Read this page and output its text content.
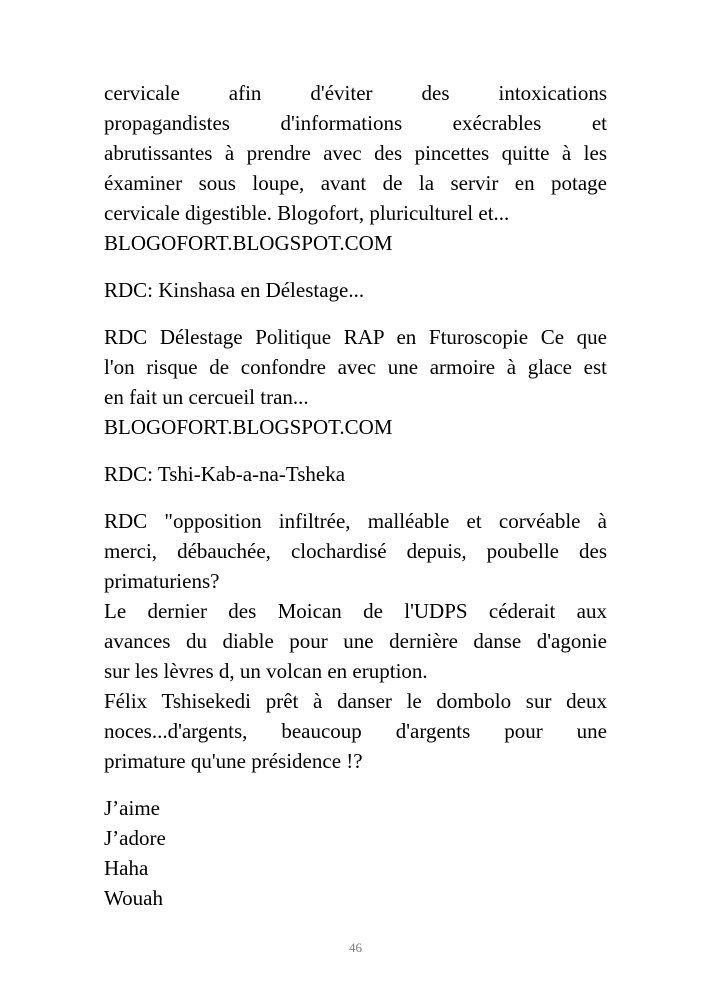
cervicale afin d'éviter des intoxications
propagandistes d'informations exécrables et
abrutissantes à prendre avec des pincettes quitte à les
éxaminer sous loupe, avant de la servir en potage
cervicale digestible. Blogofort, pluriculturel et...
BLOGOFORT.BLOGSPOT.COM

RDC: Kinshasa en Délestage...

RDC Délestage Politique RAP en Fturoscopie Ce que
l'on risque de confondre avec une armoire à glace est
en fait un cercueil tran...
BLOGOFORT.BLOGSPOT.COM

RDC: Tshi-Kab-a-na-Tsheka

RDC "opposition infiltrée, malléable et corvéable à
merci, débauchée, clochardisé depuis, poubelle des
primaturiens?
Le dernier des Moican de l'UDPS céderait aux
avances du diable pour une dernière danse d'agonie
sur les lèvres d, un volcan en eruption.
Félix Tshisekedi prêt à danser le dombolo sur deux
noces...d'argents, beaucoup d'argents pour une
primature qu'une présidence !?

J’aime
J’adore
Haha
Wouah

46
